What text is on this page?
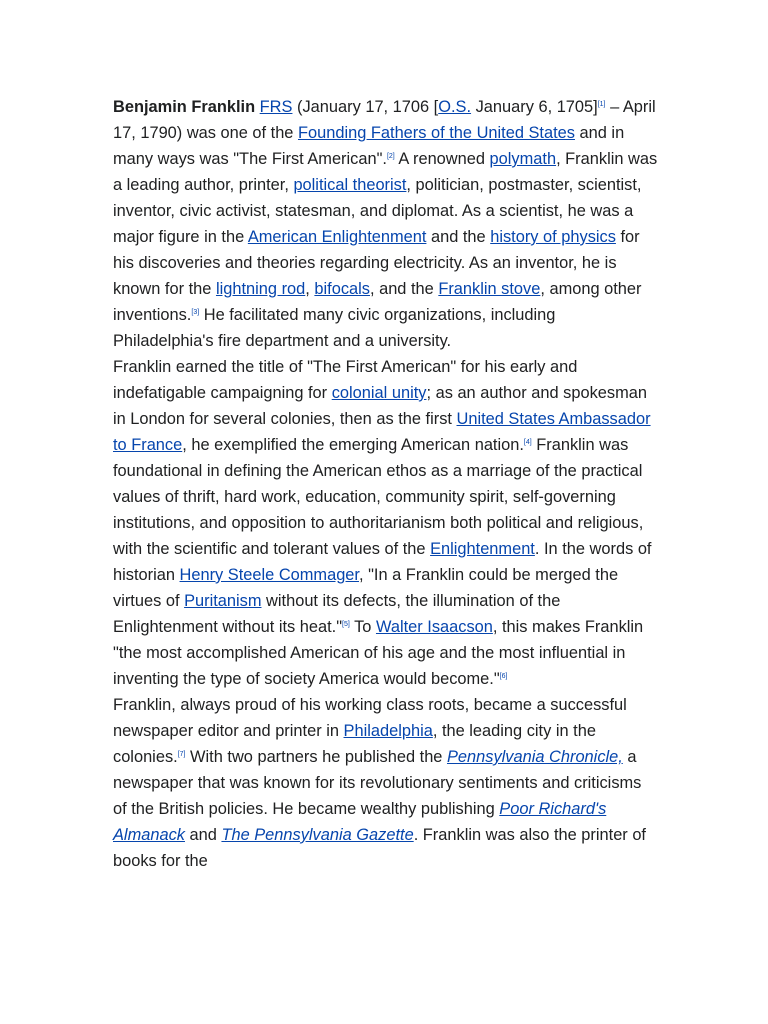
Benjamin Franklin FRS (January 17, 1706 [O.S. January 6, 1705][1] – April 17, 1790) was one of the Founding Fathers of the United States and in many ways was "The First American".[2] A renowned polymath, Franklin was a leading author, printer, political theorist, politician, postmaster, scientist, inventor, civic activist, statesman, and diplomat. As a scientist, he was a major figure in the American Enlightenment and the history of physics for his discoveries and theories regarding electricity. As an inventor, he is known for the lightning rod, bifocals, and the Franklin stove, among other inventions.[3] He facilitated many civic organizations, including Philadelphia's fire department and a university.

Franklin earned the title of "The First American" for his early and indefatigable campaigning for colonial unity; as an author and spokesman in London for several colonies, then as the first United States Ambassador to France, he exemplified the emerging American nation.[4] Franklin was foundational in defining the American ethos as a marriage of the practical values of thrift, hard work, education, community spirit, self-governing institutions, and opposition to authoritarianism both political and religious, with the scientific and tolerant values of the Enlightenment. In the words of historian Henry Steele Commager, "In a Franklin could be merged the virtues of Puritanism without its defects, the illumination of the Enlightenment without its heat."[5] To Walter Isaacson, this makes Franklin "the most accomplished American of his age and the most influential in inventing the type of society America would become."[6]

Franklin, always proud of his working class roots, became a successful newspaper editor and printer in Philadelphia, the leading city in the colonies.[7] With two partners he published the Pennsylvania Chronicle, a newspaper that was known for its revolutionary sentiments and criticisms of the British policies. He became wealthy publishing Poor Richard's Almanack and The Pennsylvania Gazette. Franklin was also the printer of books for the
